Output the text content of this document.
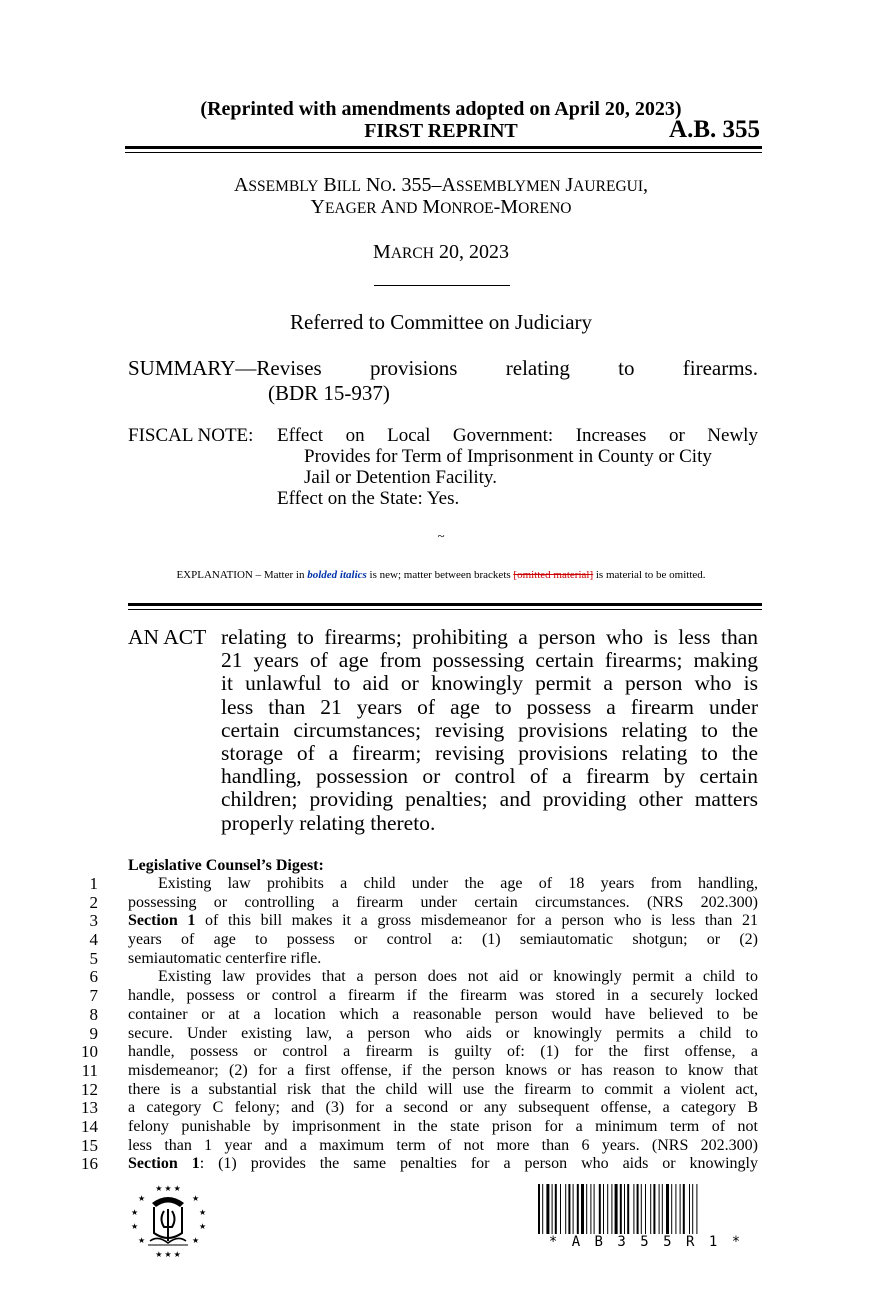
(Reprinted with amendments adopted on April 20, 2023)
FIRST REPRINT	A.B. 355
ASSEMBLY BILL NO. 355–ASSEMBLYMEN JAUREGUI,
YEAGER AND MONROE-MORENO
MARCH 20, 2023
Referred to Committee on Judiciary
SUMMARY—Revises provisions relating to firearms.
(BDR 15-937)
FISCAL NOTE: Effect on Local Government: Increases or Newly
Provides for Term of Imprisonment in County or City
Jail or Detention Facility.
Effect on the State: Yes.
~
EXPLANATION – Matter in bolded italics is new; matter between brackets [omitted material] is material to be omitted.
AN ACT relating to firearms; prohibiting a person who is less than
21 years of age from possessing certain firearms; making
it unlawful to aid or knowingly permit a person who is
less than 21 years of age to possess a firearm under
certain circumstances; revising provisions relating to the
storage of a firearm; revising provisions relating to the
handling, possession or control of a firearm by certain
children; providing penalties; and providing other matters
properly relating thereto.
Legislative Counsel’s Digest:
1	Existing law prohibits a child under the age of 18 years from handling,
2 possessing or controlling a firearm under certain circumstances. (NRS 202.300)
3 Section 1 of this bill makes it a gross misdemeanor for a person who is less than 21
4 years of age to possess or control a: (1) semiautomatic shotgun; or (2)
5 semiautomatic centerfire rifle.
6	Existing law provides that a person does not aid or knowingly permit a child to
7 handle, possess or control a firearm if the firearm was stored in a securely locked
8 container or at a location which a reasonable person would have believed to be
9 secure. Under existing law, a person who aids or knowingly permits a child to
10 handle, possess or control a firearm is guilty of: (1) for the first offense, a
11 misdemeanor; (2) for a first offense, if the person knows or has reason to know that
12 there is a substantial risk that the child will use the firearm to commit a violent act,
13 a category C felony; and (3) for a second or any subsequent offense, a category B
14 felony punishable by imprisonment in the state prison for a minimum term of not
15 less than 1 year and a maximum term of not more than 6 years. (NRS 202.300)
16 Section 1: (1) provides the same penalties for a person who aids or knowingly
★ ★ ★
★	★
★	★
★	★
★	★
★ ★ ★
* A B 3 5 5 R 1 *
